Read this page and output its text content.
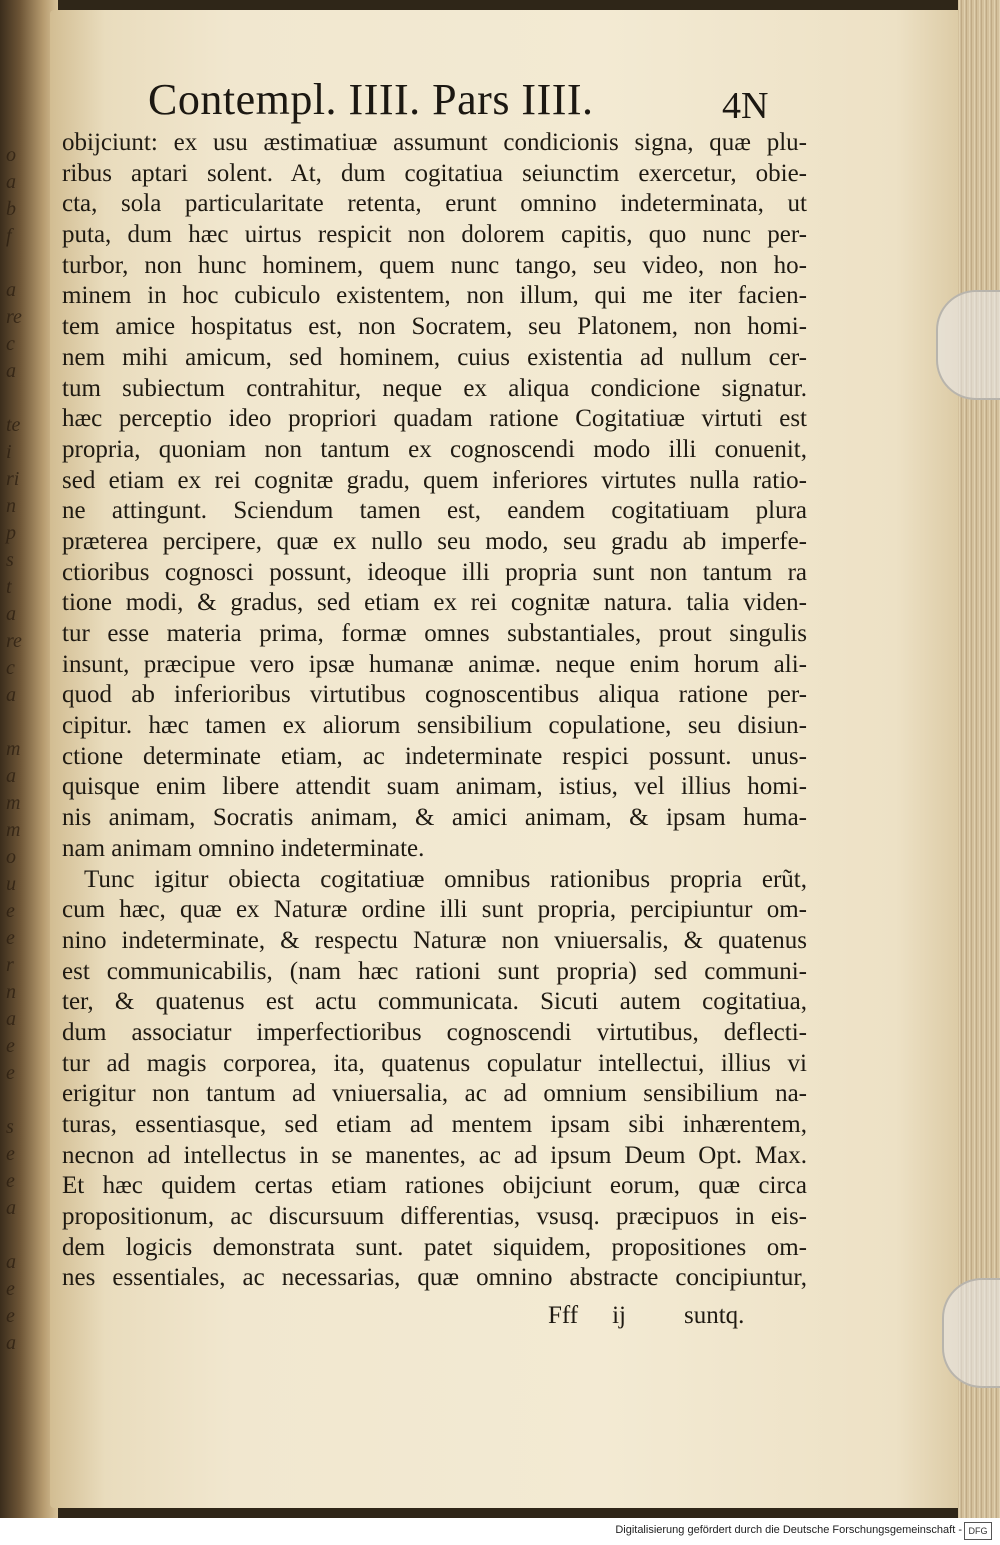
Contempl. IIII. Pars IIII.	4N
obijciunt: ex usu æstimatiuæ assumunt condicionis signa, quæ plu-
ribus aptari solent. At, dum cogitatiua seiunctim exercetur, obie-
cta, sola particularitate retenta, erunt omnino indeterminata, ut
puta, dum hæc uirtus respicit non dolorem capitis, quo nunc per-
turbor, non hunc hominem, quem nunc tango, seu video, non ho-
minem in hoc cubiculo existentem, non illum, qui me iter facien-
tem amice hospitatus est, non Socratem, seu Platonem, non homi-
nem mihi amicum, sed hominem, cuius existentia ad nullum cer-
tum subiectum contrahitur, neque ex aliqua condicione signatur.
hæc perceptio ideo propriori quadam ratione Cogitatiuæ virtuti est
propria, quoniam non tantum ex cognoscendi modo illi conuenit,
sed etiam ex rei cognitæ gradu, quem inferiores virtutes nulla ratio-
ne attingunt. Sciendum tamen est, eandem cogitatiuam plura
præterea percipere, quæ ex nullo seu modo, seu gradu ab imperfe-
ctioribus cognosci possunt, ideoque illi propria sunt non tantum ra
tione modi, & gradus, sed etiam ex rei cognitæ natura. talia viden-
tur esse materia prima, formæ omnes substantiales, prout singulis
insunt, præcipue vero ipsæ humanæ animæ. neque enim horum ali-
quod ab inferioribus virtutibus cognoscentibus aliqua ratione per-
cipitur. hæc tamen ex aliorum sensibilium copulatione, seu disiun-
ctione determinate etiam, ac indeterminate respici possunt. unus-
quisque enim libere attendit suam animam, istius, vel illius homi-
nis animam, Socratis animam, & amici animam, & ipsam huma-
nam animam omnino indeterminate.
Tunc igitur obiecta cogitatiuæ omnibus rationibus propria erũt,
cum hæc, quæ ex Naturæ ordine illi sunt propria, percipiuntur om-
nino indeterminate, & respectu Naturæ non vniuersalis, & quatenus
est communicabilis, (nam hæc rationi sunt propria) sed communi-
ter, & quatenus est actu communicata. Sicuti autem cogitatiua,
dum associatur imperfectioribus cognoscendi virtutibus, deflecti-
tur ad magis corporea, ita, quatenus copulatur intellectui, illius vi
erigitur non tantum ad vniuersalia, ac ad omnium sensibilium na-
turas, essentiasque, sed etiam ad mentem ipsam sibi inhærentem,
necnon ad intellectus in se manentes, ac ad ipsum Deum Opt. Max.
Et hæc quidem certas etiam rationes obijciunt eorum, quæ circa
propositionum, ac discursuum differentias, vsusq. præcipuos in eis-
dem logicis demonstrata sunt. patet siquidem, propositiones om-
nes essentiales, ac necessarias, quæ omnino abstracte concipiuntur,
Fff ij suntq.
o
a
b
f
a
re
c
a
te
i
ri
n
p
s
t
a
re
c
a
m
a
m
m
o
u
e
e
r
n
a
e
e
s
e
e
a
a
e
e
a
Digitalisierung gefördert durch die Deutsche Forschungsgemeinschaft - DFG
